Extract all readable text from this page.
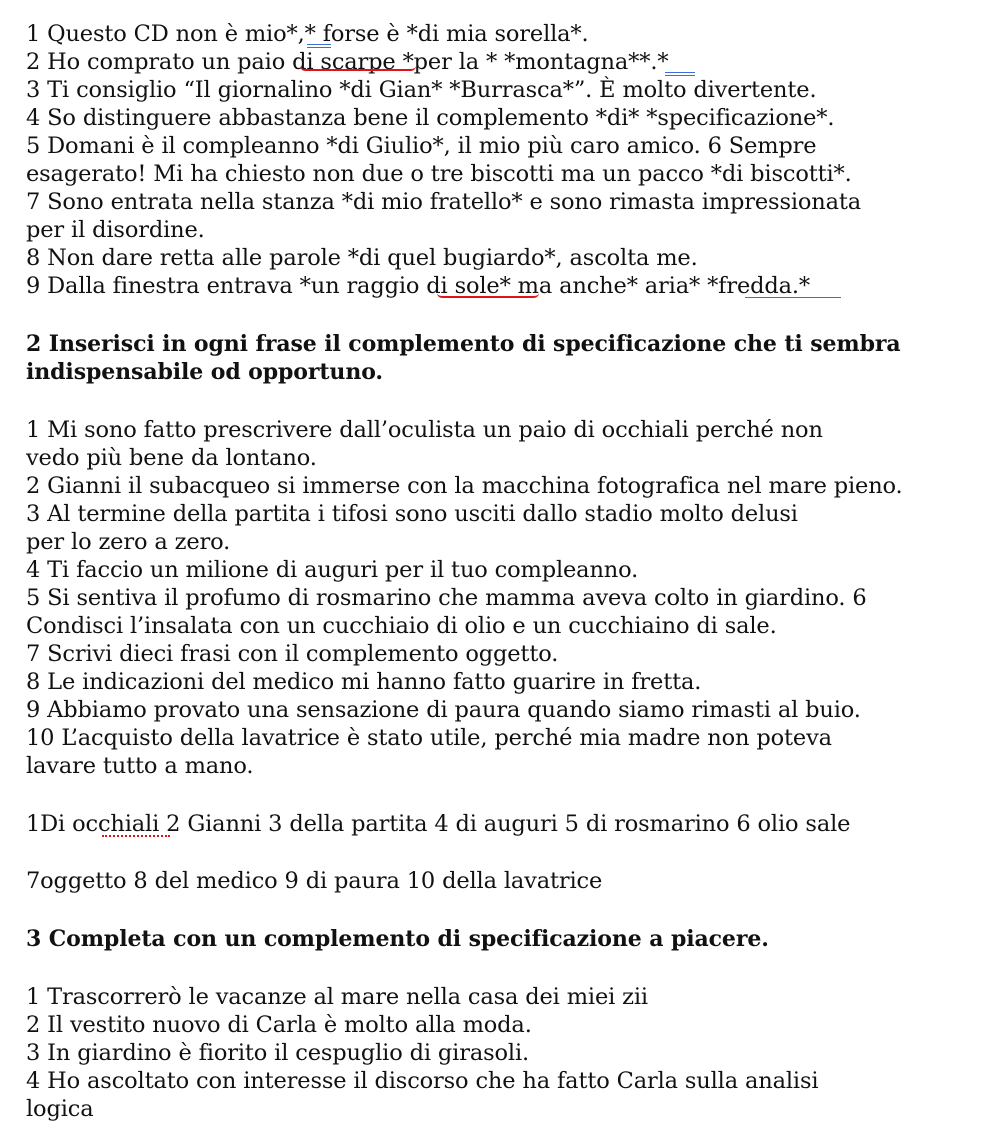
1 Questo CD non è mio*,* forse è *di mia sorella*.
2 Ho comprato un paio di scarpe *per la * *montagna**.*
3 Ti consiglio “Il giornalino *di Gian* *Burrasca*”. È molto divertente.
4 So distinguere abbastanza bene il complemento *di* *specificazione*.
5 Domani è il compleanno *di Giulio*, il mio più caro amico. 6 Sempre
esagerato! Mi ha chiesto non due o tre biscotti ma un pacco *di biscotti*.
7 Sono entrata nella stanza *di mio fratello* e sono rimasta impressionata
per il disordine.
8 Non dare retta alle parole *di quel bugiardo*, ascolta me.
9 Dalla finestra entrava *un raggio di sole* ma anche* aria* *fredda.*
2 Inserisci in ogni frase il complemento di specificazione che ti sembra
indispensabile od opportuno.
1 Mi sono fatto prescrivere dall’oculista un paio di occhiali perché non
vedo più bene da lontano.
2 Gianni il subacqueo si immerse con la macchina fotografica nel mare pieno.
3 Al termine della partita i tifosi sono usciti dallo stadio molto delusi
per lo zero a zero.
4 Ti faccio un milione di auguri per il tuo compleanno.
5 Si sentiva il profumo di rosmarino che mamma aveva colto in giardino. 6
Condisci l’insalata con un cucchiaio di olio e un cucchiaino di sale.
7 Scrivi dieci frasi con il complemento oggetto.
8 Le indicazioni del medico mi hanno fatto guarire in fretta.
9 Abbiamo provato una sensazione di paura quando siamo rimasti al buio.
10 L’acquisto della lavatrice è stato utile, perché mia madre non poteva
lavare tutto a mano.
1Di occhiali 2 Gianni 3 della partita 4 di auguri 5 di rosmarino 6 olio sale
7oggetto 8 del medico 9 di paura 10 della lavatrice
3 Completa con un complemento di specificazione a piacere.
1 Trascorrerò le vacanze al mare nella casa dei miei zii
2 Il vestito nuovo di Carla è molto alla moda.
3 In giardino è fiorito il cespuglio di girasoli.
4 Ho ascoltato con interesse il discorso che ha fatto Carla sulla analisi
logica
